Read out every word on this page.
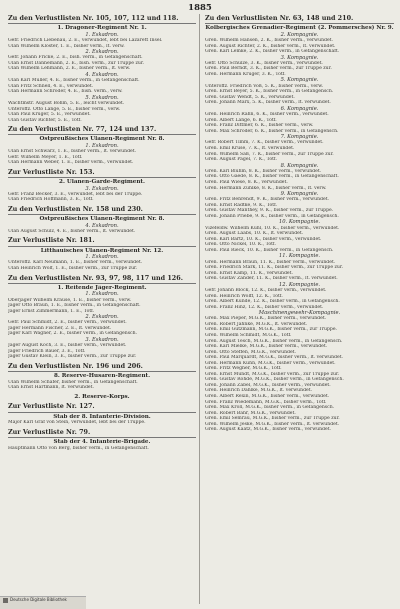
1885
Zu den Verlustlisten Nr. 105, 107, 112 und 118.
1. Dragoner-Regiment Nr. 1.
1. Eskadron.
Gefr. Friedrich Liebenau, 2. E., verwundet, lebt bei Lazarett Insel.
Ulan Wilhelm Kloster, 1. E., bisher verm., lt. verw.
2. Eskadron.
Gefr. Johann Fricke, 2. E., bish. verm., in Gefangenschaft.
Ulan Ernst Dannemann, 2. E., bish. verm., zur Truppe zur.
Ulan Wilhelm Lehmann, 2. E., bisher verm., lt. verw.
4. Eskadron.
Ulan Karl Müller, 4. E., bisher verm., in Gefangenschaft.
Ulan Fritz Schnell, 4. E., verwundet.
Ulan Hermann Schröder, 4. E., bish. verm., verw.
5. Eskadron.
Wachtmstr. August Bohm, 5. E., leicht verwundet.
Unteroffz. Otto Lange, 5. E., bisher verm., verw.
Ulan Paul Krüger, 5. E., verwundet.
Ulan Gustav Richter, 5. E., Totf.
Zu den Verlustlisten Nr. 77, 124 und 137.
Ostpreußisches Ulanen-Regiment Nr. 8.
1. Eskadron.
Ulan Ernst Schwarz, 1. E., bisher verm., lt. verwundet.
Gefr. Wilhelm Meyer, 1. E., Totf.
Ulan Hermann Weber, 1. E., bisher verm., verwundet.
Zur Verlustliste Nr. 153.
2. Ulanen-Garde-Regiment.
3. Eskadron.
Gefr. Franz Becker, 3. E., verwundet, lebt bei der Truppe.
Ulan Friedrich Hoffmann, 3. E., Totf.
Zu den Verlustlisten Nr. 158 und 230.
Ostpreußisches Ulanen-Regiment Nr. 8.
4. Eskadron.
Ulan August Schulz, 4. E., bisher verm., lt. verwundet.
Zur Verlustliste Nr. 181.
Litthauisches Ulanen-Regiment Nr. 12.
1. Eskadron.
Unteroffz. Karl Neumann, 1. E., bisher verm., verwundet.
Ulan Heinrich Wolf, 1. E., bisher verm., zur Truppe zur.
Zu den Verlustlisten Nr. 93, 97, 98, 117 und 126.
1. Reitende Jäger-Regiment.
1. Eskadron.
Oberjäger Wilhelm Krause, 1. E., bisher verm., verw.
Jäger Otto Braun, 1. E., bisher verm., in Gefangenschaft.
Jäger Ernst Zimmermann, 1. E., Totf.
2. Eskadron.
Gefr. Paul Schmidt, 2. E., bisher verm., verwundet.
Jäger Hermann Fischer, 2. E., lt. verwundet.
Jäger Karl Wagner, 2. E., bisher verm., in Gefangensch.
3. Eskadron.
Jäger August Koch, 3. E., bisher verm., verwundet.
Jäger Friedrich Bauer, 3. E., Totf.
Jäger Gustav Klein, 3. E., bisher verm., zur Truppe zur.
Zu den Verlustlisten Nr. 196 und 206.
8. Reserve-Husaren-Regiment.
Ulan Wilhelm Schäfer, bisher verm., in Gefangenschaft.
Ulan Ernst Hartmann, lt. verwundet.
2. Reserve-Korps.
Zur Verlustliste Nr. 127.
Stab der 8. Infanterie-Division.
Major Karl Graf von Stein, verwundet, lebt bei der Truppe.
Zur Verlustliste Nr. 79.
Stab der 4. Infanterie-Brigade.
Hauptmann Otto von Berg, bisher verm., in Gefangenschaft.
Zu den Verlustlisten Nr. 63, 148 und 210.
Kolbergisches Grenadier-Regiment (2. Pommersches) Nr. 9.
2. Kompagnie.
Gren. Wilhelm Hansen, 2. K., bisher verm., verwundet.
Gren. August Richter, 2. K., bisher verm., lt. verwundet.
Gren. Karl Lemke, 2. K., bisher verm., in Gefangenschaft.
3. Kompagnie.
Gefr. Otto Schulze, 3. K., bisher verm., verwundet.
Gren. Paul Berndt, 3. K., bisher verm., zur Truppe zur.
Gren. Hermann Krüger, 3. K., Totf.
5. Kompagnie.
Unteroffz. Friedrich Voß, 5. K., bisher verm., verw.
Gren. Ernst Beyer, 5. K., bisher verm., in Gefangensch.
Gren. Gustav Wendt, 5. K., verwundet.
Gren. Johann Marx, 5. K., bisher verm., lt. verwundet.
6. Kompagnie.
Gren. Heinrich Rahn, 6. K., bisher verm., verwundet.
Gren. Albert Lange, 6. K., Totf.
Gren. Franz Dittmer, 6. K., bisher verm., verw.
Gren. Max Schröder, 6. K., bisher verm., in Gefangensch.
7. Kompagnie.
Gefr. Robert Timm, 7. K., bisher verm., verwundet.
Gren. Emil Kruse, 7. K., lt. verwundet.
Gren. Wilhelm Saß, 7. K., bisher verm., zur Truppe zur.
Gren. August Pagel, 7. K., Totf.
8. Kompagnie.
Gren. Karl Bluhm, 8. K., bisher verm., verwundet.
Gren. Otto Gaede, 8. K., bisher verm., in Gefangenschaft.
Gren. Paul Wiese, 8. K., verwundet.
Gren. Hermann Zühlke, 8. K., bisher verm., lt. verw.
9. Kompagnie.
Gren. Fritz Behrendt, 9. K., bisher verm., verwundet.
Gren. Ernst Radtke, 9. K., Totf.
Gren. Gustav Manthey, 9. K., bisher verm., zur Truppe.
Gren. Johann Priebe, 9. K., bisher verm., in Gefangensch.
10. Kompagnie.
Vizefeldw. Wilhelm Kühl, 10. K., bisher verm., verwundet.
Gren. August Laabs, 10. K., lt. verwundet.
Gren. Karl Bartz, 10. K., bisher verm., verwundet.
Gren. Otto Nickel, 10. K., Totf.
Gren. Paul Rieck, 10. K., bisher verm., in Gefangensch.
11. Kompagnie.
Gren. Hermann Braun, 11. K., bisher verm., verwundet.
Gren. Friedrich Stark, 11. K., bisher verm., zur Truppe zur.
Gren. Ernst Kamp, 11. K., verwundet.
Gren. Gustav Zander, 11. K., bisher verm., lt. verwundet.
12. Kompagnie.
Gefr. Johann Block, 12. K., bisher verm., verwundet.
Gren. Heinrich Wolff, 12. K., Totf.
Gren. Albert Kunde, 12. K., bisher verm., in Gefangensch.
Gren. Franz Hinz, 12. K., bisher verm., verwundet.
Maschinengewehr-Kompagnie.
Gren. Max Pieper, M.G.K., bisher verm., verwundet.
Gren. Robert Jahnke, M.G.K., lt. verwundet.
Gren. Emil Gutzmann, M.G.K., bisher verm., zur Truppe.
Gren. Wilhelm Schmidt, M.G.K., Totf.
Gren. August Tesch, M.G.K., bisher verm., in Gefangensch.
Gren. Karl Mielke, M.G.K., bisher verm., verwundet.
Gren. Otto Steffen, M.G.K., verwundet.
Gren. Paul Marquardt, M.G.K., bisher verm., lt. verwundet.
Gren. Hermann Kuhn, M.G.K., bisher verm., verwundet.
Gren. Fritz Wegner, M.G.K., Totf.
Gren. Ernst Mundt, M.G.K., bisher verm., zur Truppe zur.
Gren. Gustav Rohde, M.G.K., bisher verm., in Gefangensch.
Gren. Johann Zabel, M.G.K., bisher verm., verwundet.
Gren. Heinrich Dahlke, M.G.K., lt. verwundet.
Gren. Albert Rexin, M.G.K., bisher verm., verwundet.
Gren. Franz Wiedemann, M.G.K., bisher verm., Totf.
Gren. Max Kroll, M.G.K., bisher verm., in Gefangensch.
Gren. Robert Bahr, M.G.K., verwundet.
Gren. Emil Semrau, M.G.K., bisher verm., zur Truppe zur.
Gren. Wilhelm Jeske, M.G.K., bisher verm., lt. verwundet.
Gren. August Kaatz, M.G.K., bisher verm., verwundet.
Deutsche Digitale Bibliothek
